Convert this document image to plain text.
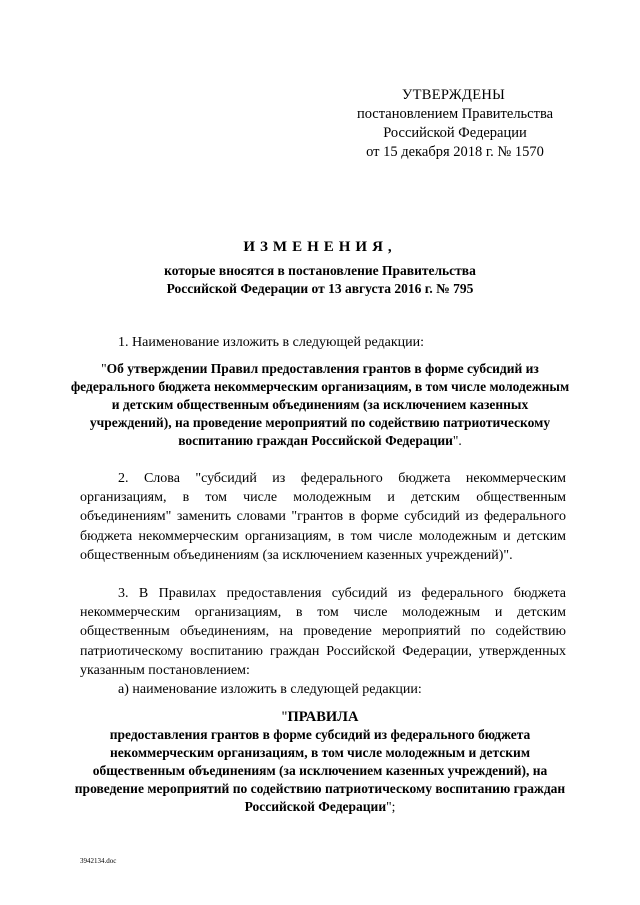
УТВЕРЖДЕНЫ
постановлением Правительства
Российской Федерации
от 15 декабря 2018 г. № 1570
ИЗМЕНЕНИЯ,
которые вносятся в постановление Правительства Российской Федерации от 13 августа 2016 г. № 795
1. Наименование изложить в следующей редакции:
"Об утверждении Правил предоставления грантов в форме субсидий из федерального бюджета некоммерческим организациям, в том числе молодежным и детским общественным объединениям (за исключением казенных учреждений), на проведение мероприятий по содействию патриотическому воспитанию граждан Российской Федерации".
2. Слова "субсидий из федерального бюджета некоммерческим организациям, в том числе молодежным и детским общественным объединениям" заменить словами "грантов в форме субсидий из федерального бюджета некоммерческим организациям, в том числе молодежным и детским общественным объединениям (за исключением казенных учреждений)".
3. В Правилах предоставления субсидий из федерального бюджета некоммерческим организациям, в том числе молодежным и детским общественным объединениям, на проведение мероприятий по содействию патриотическому воспитанию граждан Российской Федерации, утвержденных указанным постановлением:
а) наименование изложить в следующей редакции:
"ПРАВИЛА
предоставления грантов в форме субсидий из федерального бюджета некоммерческим организациям, в том числе молодежным и детским общественным объединениям (за исключением казенных учреждений), на проведение мероприятий по содействию патриотическому воспитанию граждан Российской Федерации";
3942134.doc
